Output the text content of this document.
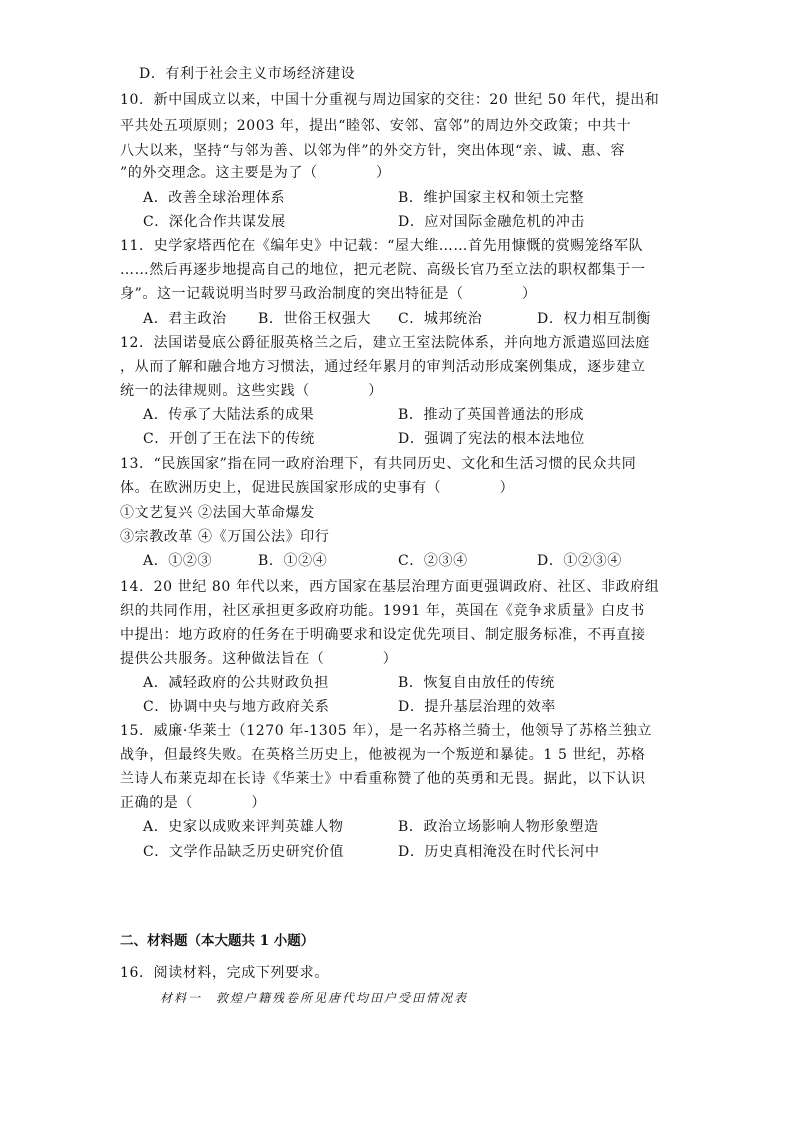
D．有利于社会主义市场经济建设
10．新中国成立以来，中国十分重视与周边国家的交往：20 世纪 50 年代，提出和
平共处五项原则；2003 年，提出“睦邻、安邻、富邻”的周边外交政策；中共十
八大以来，坚持“与邻为善、以邻为伴”的外交方针，突出体现“亲、诚、惠、容
”的外交理念。这主要是为了（　　　　）
A．改善全球治理体系	B．维护国家主权和领土完整
C．深化合作共谋发展	D．应对国际金融危机的冲击
11．史学家塔西佗在《编年史》中记载：“屋大维……首先用慷慨的赏赐笼络军队
……然后再逐步地提高自己的地位，把元老院、高级长官乃至立法的职权都集于一
身”。这一记载说明当时罗马政治制度的突出特征是（　　　　）
A．君主政治 B．世俗王权强大 C．城邦统治	D．权力相互制衡
12．法国诺曼底公爵征服英格兰之后，建立王室法院体系，并向地方派遣巡回法庭
，从而了解和融合地方习惯法，通过经年累月的审判活动形成案例集成，逐步建立
统一的法律规则。这些实践（　　　　）
A．传承了大陆法系的成果	B．推动了英国普通法的形成
C．开创了王在法下的传统	D．强调了宪法的根本法地位
13．“民族国家”指在同一政府治理下，有共同历史、文化和生活习惯的民众共同
体。在欧洲历史上，促进民族国家形成的史事有（　　　　）
①文艺复兴 ②法国大革命爆发
③宗教改革 ④《万国公法》印行
A．①②③	B．①②④	C．②③④	D．①②③④
14．20 世纪 80 年代以来，西方国家在基层治理方面更强调政府、社区、非政府组
织的共同作用，社区承担更多政府功能。1991 年，英国在《竞争求质量》白皮书
中提出：地方政府的任务在于明确要求和设定优先项目、制定服务标准，不再直接
提供公共服务。这种做法旨在（　　　　）
A．减轻政府的公共财政负担	B．恢复自由放任的传统
C．协调中央与地方政府关系	D．提升基层治理的效率
15．威廉·华莱士（1270 年-1305 年），是一名苏格兰骑士，他领导了苏格兰独立
战争，但最终失败。在英格兰历史上，他被视为一个叛逆和暴徒。1 5 世纪，苏格
兰诗人布莱克却在长诗《华莱士》中看重称赞了他的英勇和无畏。据此，以下认识
正确的是（　　　　）
A．史家以成败来评判英雄人物	B．政治立场影响人物形象塑造
C．文学作品缺乏历史研究价值	D．历史真相淹没在时代长河中
二、材料题（本大题共 1 小题）
16．阅读材料，完成下列要求。
材料一　敦煌户籍残卷所见唐代均田户受田情况表
